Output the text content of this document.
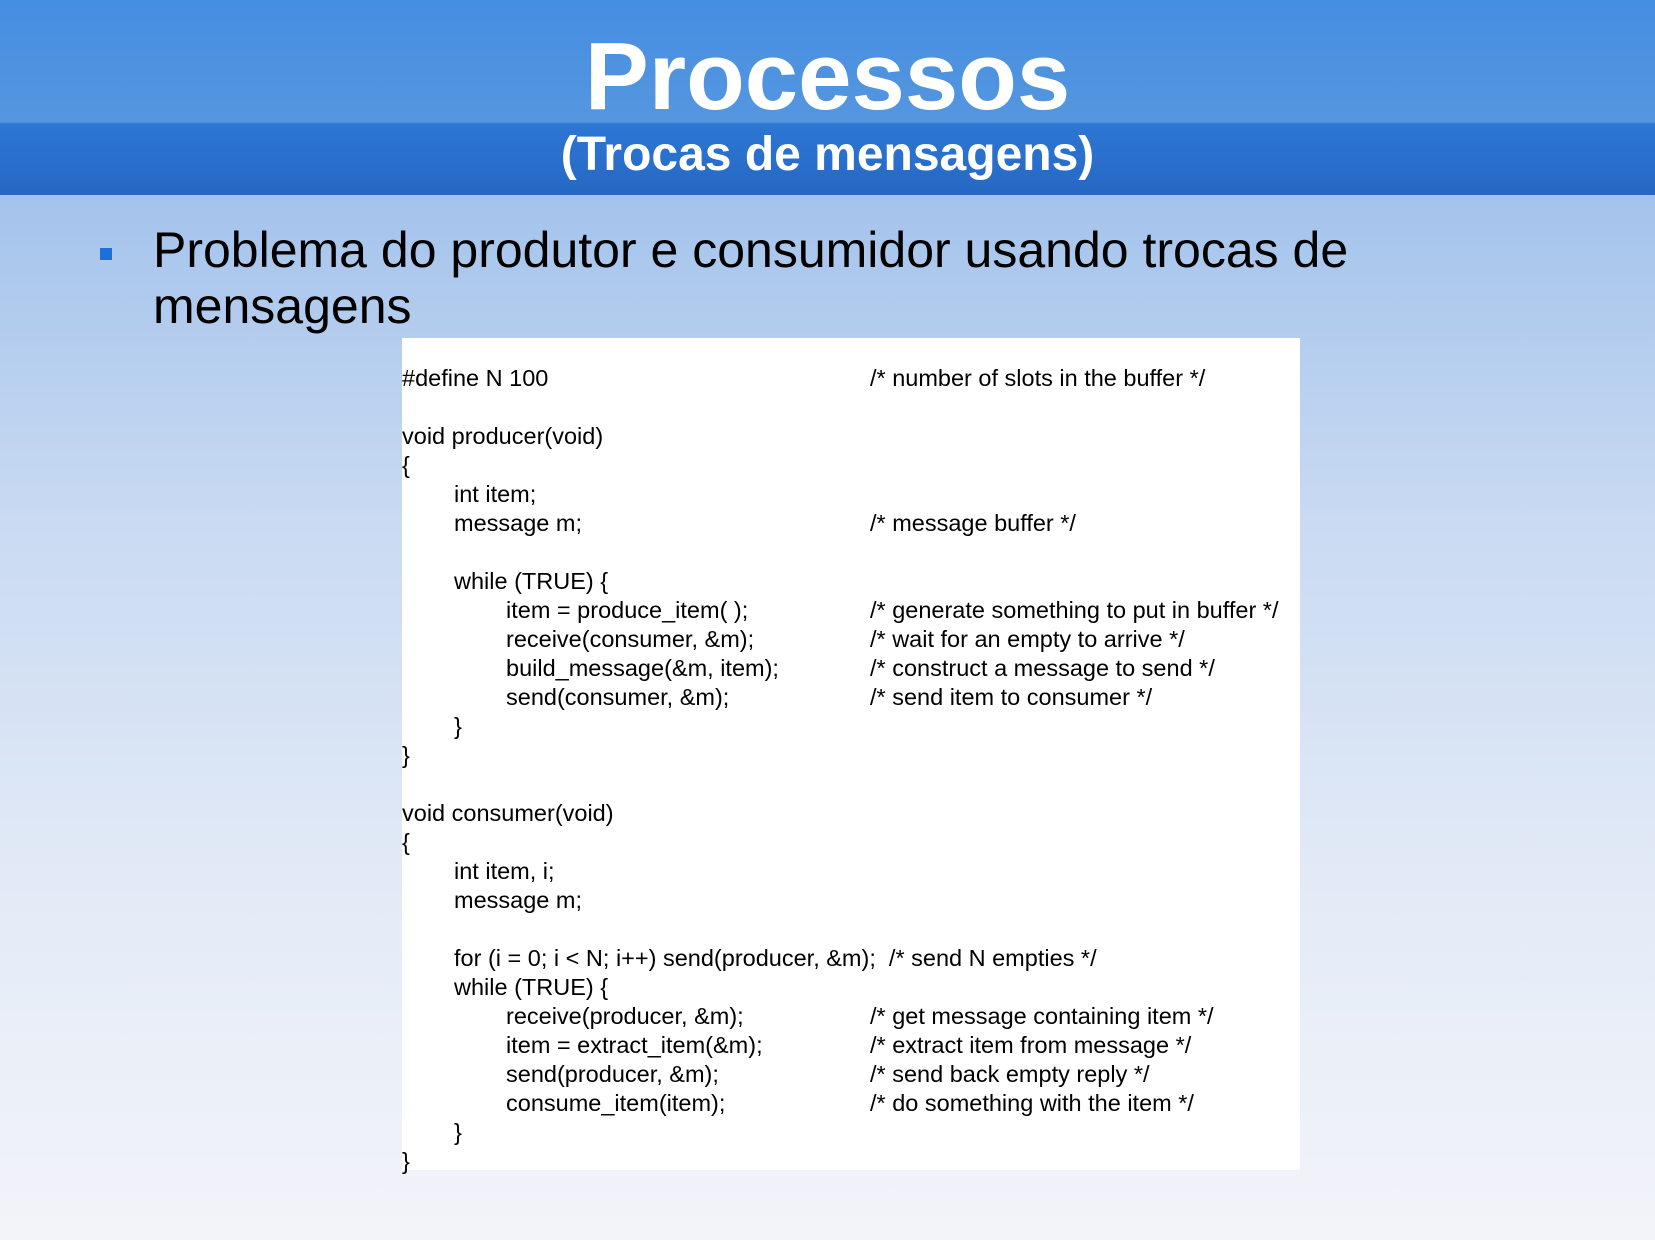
Processos
(Trocas de mensagens)
Problema do produtor e consumidor usando trocas de mensagens
#define N 100	/* number of slots in the buffer */
void producer(void)
{
int item;
message m;	/* message buffer */
while (TRUE) {
item = produce_item( );	/* generate something to put in buffer */
receive(consumer, &m);	/* wait for an empty to arrive */
build_message(&m, item);	/* construct a message to send */
send(consumer, &m);	/* send item to consumer */
}
}
void consumer(void)
{
int item, i;
message m;
for (i = 0; i < N; i++) send(producer, &m);  /* send N empties */
while (TRUE) {
receive(producer, &m);	/* get message containing item */
item = extract_item(&m);	/* extract item from message */
send(producer, &m);	/* send back empty reply */
consume_item(item);	/* do something with the item */
}
}
